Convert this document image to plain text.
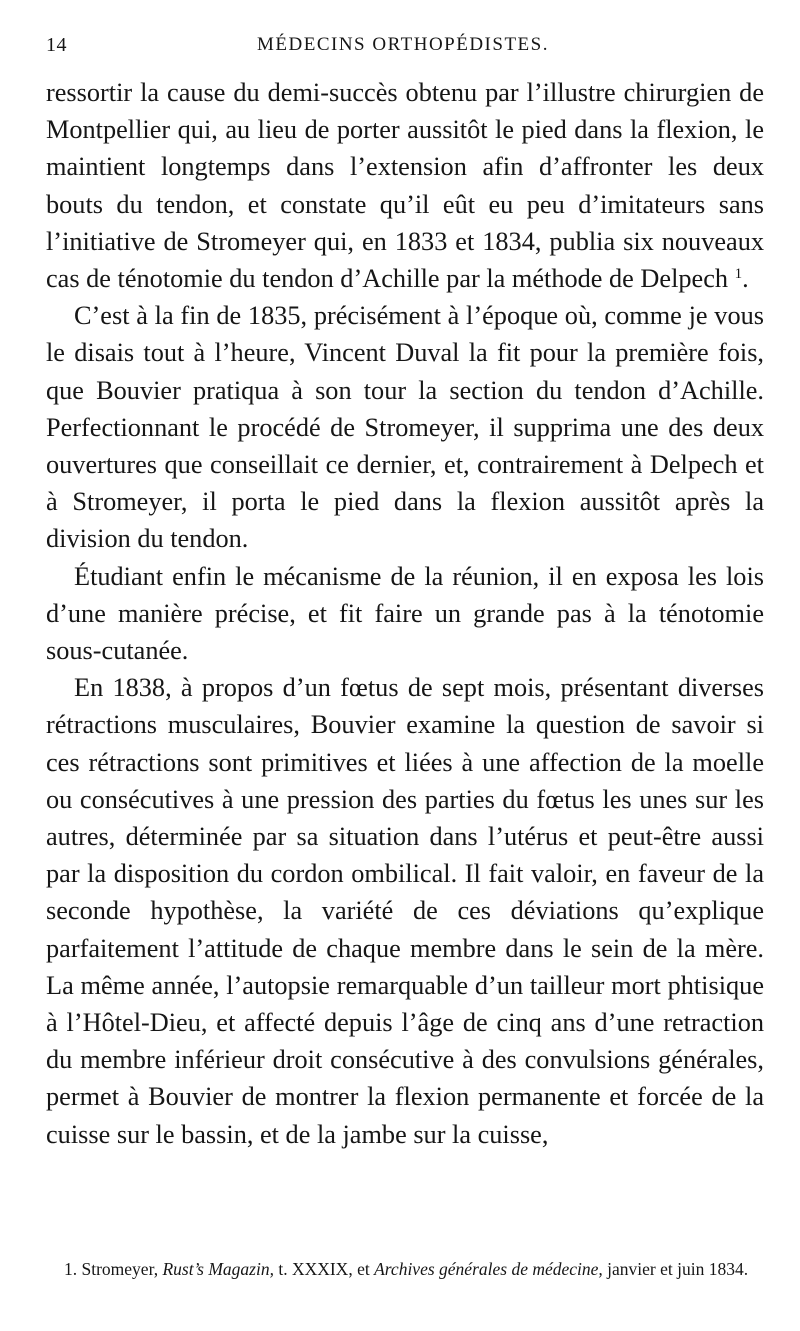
14	MÉDECINS ORTHOPÉDISTES.

ressortir la cause du demi-succès obtenu par l’illustre chirurgien de Montpellier qui, au lieu de porter aussitôt le pied dans la flexion, le maintient longtemps dans l’extension afin d’affronter les deux bouts du tendon, et constate qu’il eût eu peu d’imitateurs sans l’initiative de Stromeyer qui, en 1833 et 1834, publia six nouveaux cas de ténotomie du tendon d’Achille par la méthode de Delpech $^1$.

C’est à la fin de 1835, précisément à l’époque où, comme je vous le disais tout à l’heure, Vincent Duval la fit pour la première fois, que Bouvier pratiqua à son tour la section du tendon d’Achille. Perfectionnant le procédé de Stromeyer, il supprima une des deux ouvertures que conseillait ce dernier, et, contrairement à Delpech et à Stromeyer, il porta le pied dans la flexion aussitôt après la division du tendon.

Étudiant enfin le mécanisme de la réunion, il en exposa les lois d’une manière précise, et fit faire un grande pas à la ténotomie sous-cutanée.

En 1838, à propos d’un fœtus de sept mois, présentant diverses rétractions musculaires, Bouvier examine la question de savoir si ces rétractions sont primitives et liées à une affection de la moelle ou consécutives à une pression des parties du fœtus les unes sur les autres, déterminée par sa situation dans l’utérus et peut-être aussi par la disposition du cordon ombilical. Il fait valoir, en faveur de la seconde hypothèse, la variété de ces déviations qu’explique parfaitement l’attitude de chaque membre dans le sein de la mère. La même année, l’autopsie remarquable d’un tailleur mort phtisique à l’Hôtel-Dieu, et affecté depuis l’âge de cinq ans d’une retraction du membre inférieur droit consécutive à des convulsions générales, permet à Bouvier de montrer la flexion permanente et forcée de la cuisse sur le bassin, et de la jambe sur la cuisse,

1. Stromeyer, Rust’s Magazin, t. XXXIX, et Archives générales de médecine, janvier et juin 1834.
